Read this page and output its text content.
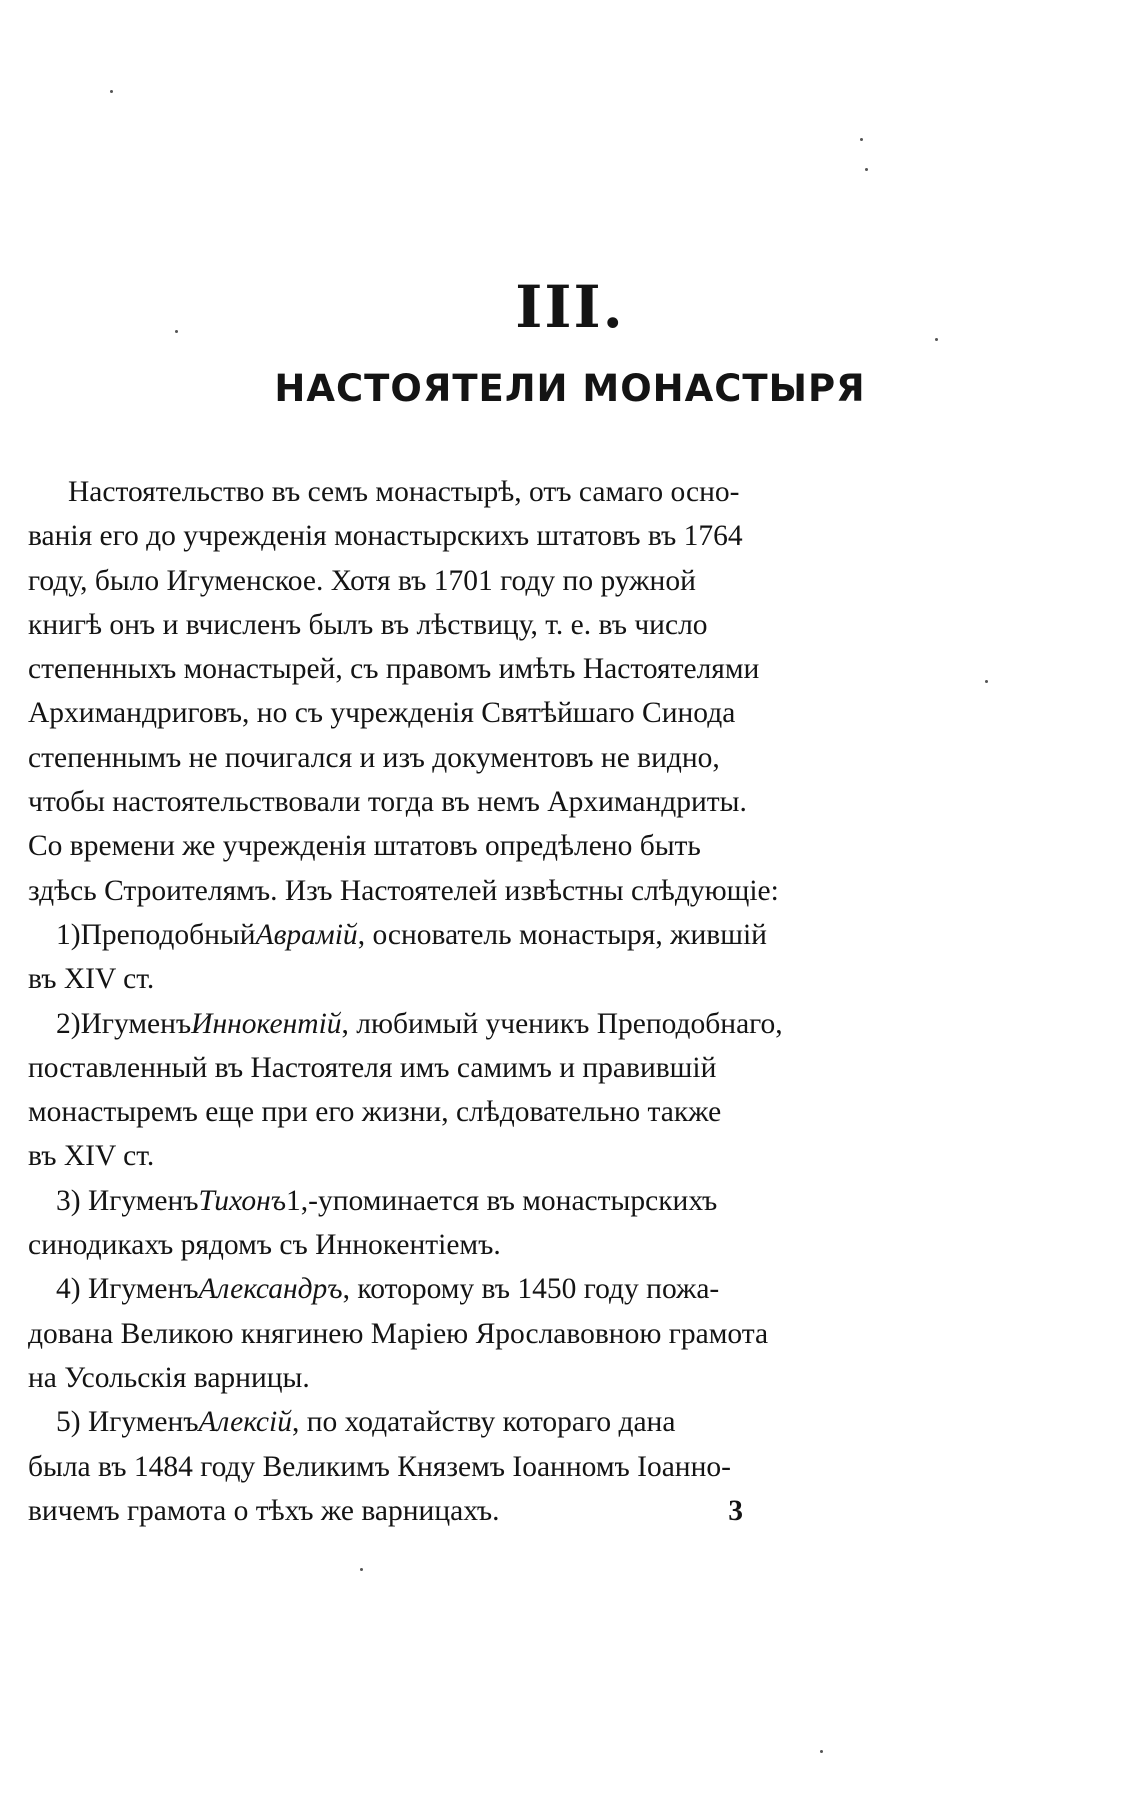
III.
НАСТОЯТЕЛИ МОНАСТЫРЯ
Настоятельство въ семъ монастырѣ, отъ самаго осно-
ванія его до учрежденія монастырскихъ штатовъ въ 1764
году, было Игуменское. Хотя въ 1701 году по ружной
книгѣ онъ и вчисленъ былъ въ лѣствицу, т. е. въ число
степенныхъ монастырей, съ правомъ имѣть Настоятелями
Архимандриговъ, но съ учрежденія Святѣйшаго Синода
степеннымъ не почигался и изъ документовъ не видно,
чтобы настоятельствовали тогда въ немъ Архимандриты.
Со времени же учрежденія штатовъ опредѣлено быть
здѣсь Строителямъ. Изъ Настоятелей извѣстны слѣдующіе:
1)Преподобный Аврамій , основатель монастыря, жившій
въ XIV ст.
2)Игуменъ Иннокентій , любимый ученикъ Преподобнаго,
поставленный въ Настоятеля имъ самимъ и правившій
монастыремъ еще при его жизни, слѣдовательно также
въ XIV ст.
3) Игуменъ Тихонъ 1,-упоминается въ монастырскихъ
синодикахъ рядомъ съ Иннокентіемъ.
4) Игуменъ Александръ , которому въ 1450 году пожа-
дована Великою княгинею Маріею Ярославовною грамота
на Усольскія варницы.
5) Игуменъ Алексій , по ходатайству котораго дана
была въ 1484 году Великимъ Княземъ Іоанномъ Іоанно-
вичемъ грамота о тѣхъ же варницахъ.	3
